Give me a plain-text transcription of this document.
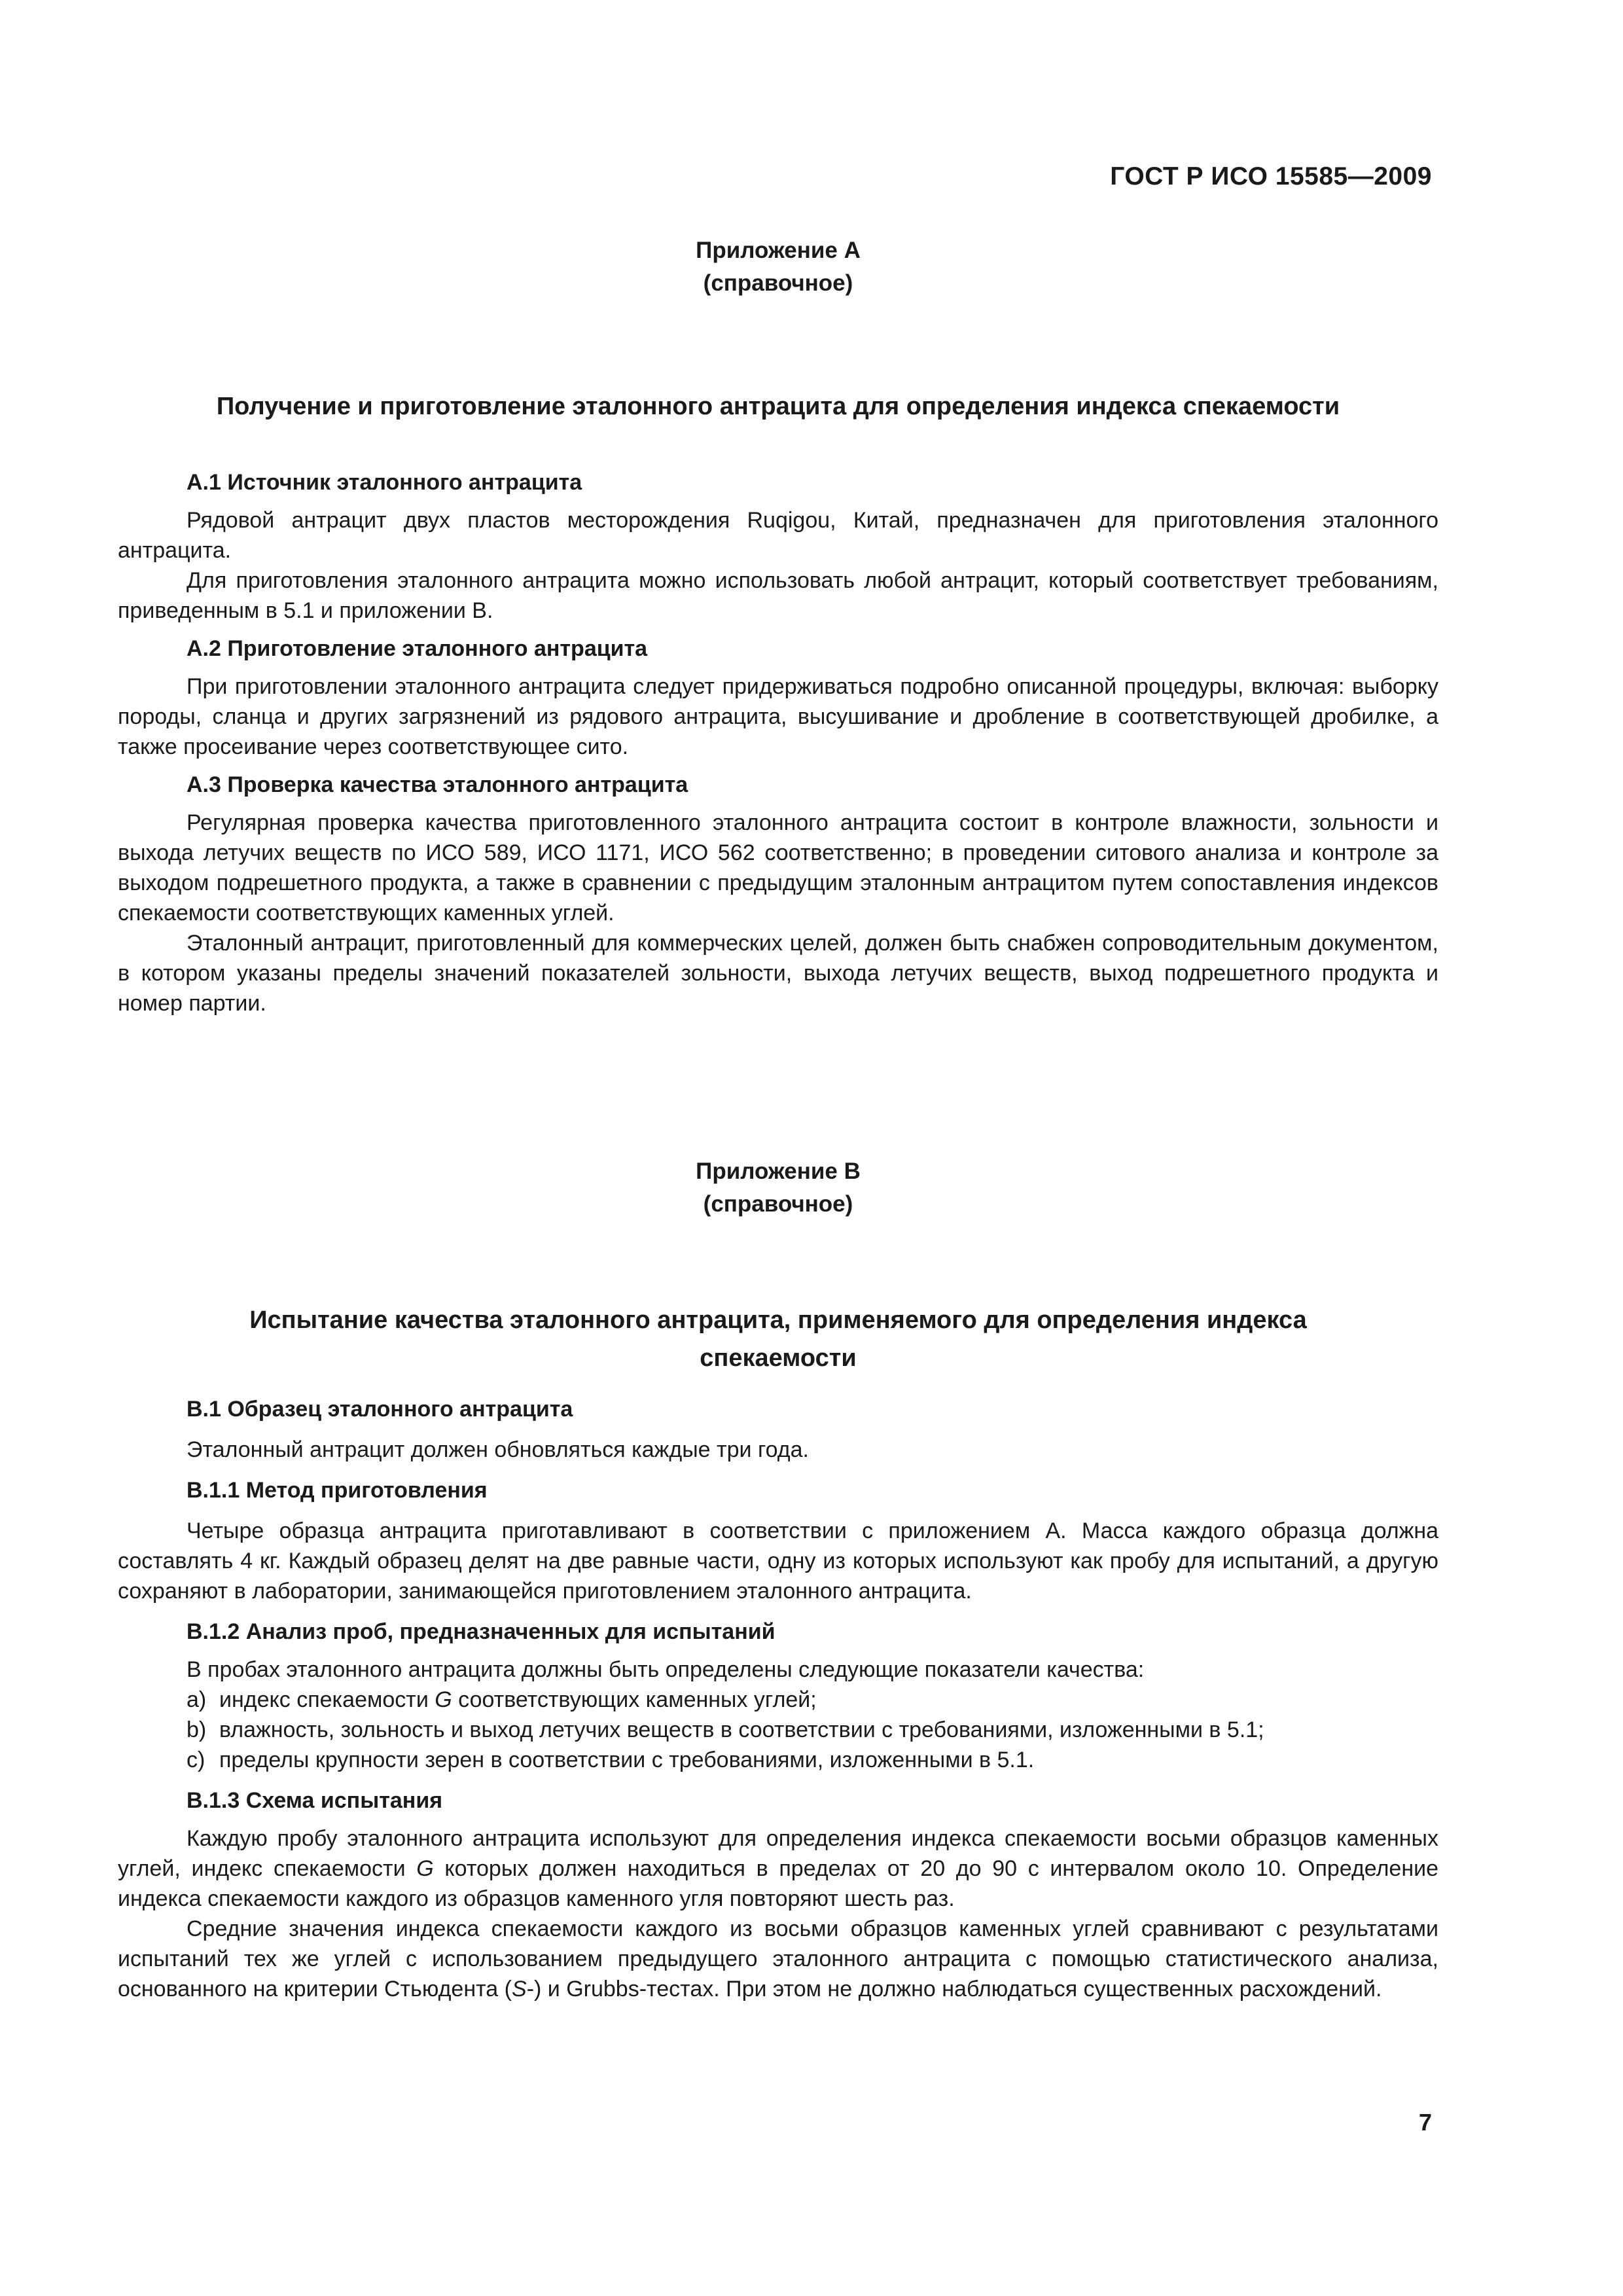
ГОСТ Р ИСО 15585—2009
Приложение А
(справочное)
Получение и приготовление эталонного антрацита для определения индекса спекаемости
А.1 Источник эталонного антрацита

Рядовой антрацит двух пластов месторождения Ruqigou, Китай, предназначен для приготовления эталонного антрацита.

Для приготовления эталонного антрацита можно использовать любой антрацит, который соответствует требованиям, приведенным в 5.1 и приложении В.

А.2 Приготовление эталонного антрацита

При приготовлении эталонного антрацита следует придерживаться подробно описанной процедуры, включая: выборку породы, сланца и других загрязнений из рядового антрацита, высушивание и дробление в соответствующей дробилке, а также просеивание через соответствующее сито.

А.3 Проверка качества эталонного антрацита

Регулярная проверка качества приготовленного эталонного антрацита состоит в контроле влажности, зольности и выхода летучих веществ по ИСО 589, ИСО 1171, ИСО 562 соответственно; в проведении ситового анализа и контроле за выходом подрешетного продукта, а также в сравнении с предыдущим эталонным антрацитом путем сопоставления индексов спекаемости соответствующих каменных углей.

Эталонный антрацит, приготовленный для коммерческих целей, должен быть снабжен сопроводительным документом, в котором указаны пределы значений показателей зольности, выхода летучих веществ, выход подрешетного продукта и номер партии.

Приложение В
(справочное)
Испытание качества эталонного антрацита, применяемого для определения индекса спекаемости
В.1 Образец эталонного антрацита

Эталонный антрацит должен обновляться каждые три года.

В.1.1 Метод приготовления

Четыре образца антрацита приготавливают в соответствии с приложением А. Масса каждого образца должна составлять 4 кг. Каждый образец делят на две равные части, одну из которых используют как пробу для испытаний, а другую сохраняют в лаборатории, занимающейся приготовлением эталонного антрацита.

В.1.2 Анализ проб, предназначенных для испытаний

В пробах эталонного антрацита должны быть определены следующие показатели качества:

a) индекс спекаемости G соответствующих каменных углей;
b) влажность, зольность и выход летучих веществ в соответствии с требованиями, изложенными в 5.1;
c) пределы крупности зерен в соответствии с требованиями, изложенными в 5.1.
В.1.3 Схема испытания

Каждую пробу эталонного антрацита используют для определения индекса спекаемости восьми образцов каменных углей, индекс спекаемости G которых должен находиться в пределах от 20 до 90 с интервалом около 10. Определение индекса спекаемости каждого из образцов каменного угля повторяют шесть раз.

Средние значения индекса спекаемости каждого из восьми образцов каменных углей сравнивают с результатами испытаний тех же углей с использованием предыдущего эталонного антрацита с помощью статистического анализа, основанного на критерии Стьюдента (S-) и Grubbs-тестах. При этом не должно наблюдаться существенных расхождений.

7
